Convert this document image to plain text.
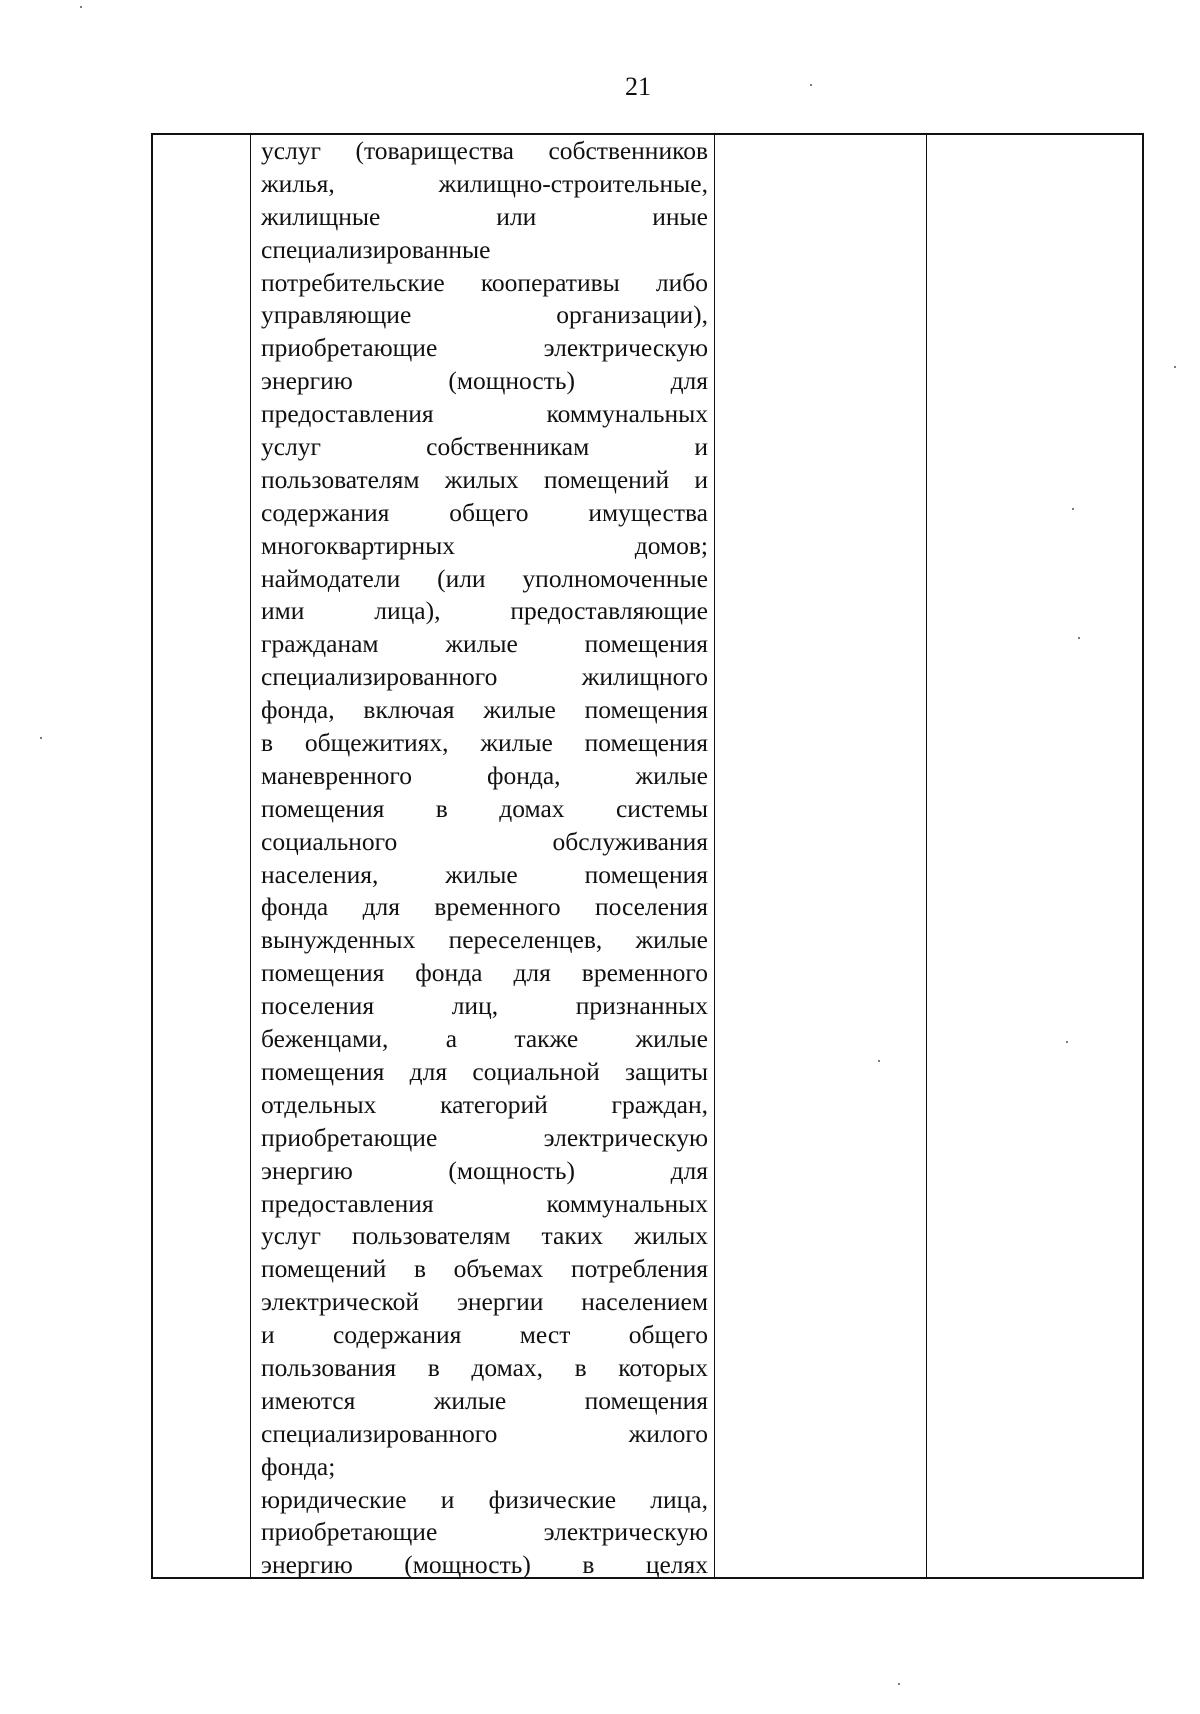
21
услуг (товарищества собственников
жилья, жилищно-строительные,
жилищные или иные
специализированные
потребительские кооперативы либо
управляющие организации),
приобретающие электрическую
энергию (мощность) для
предоставления коммунальных
услуг собственникам и
пользователям жилых помещений и
содержания общего имущества
многоквартирных домов;
наймодатели (или уполномоченные
ими лица), предоставляющие
гражданам жилые помещения
специализированного жилищного
фонда, включая жилые помещения
в общежитиях, жилые помещения
маневренного фонда, жилые
помещения в домах системы
социального обслуживания
населения, жилые помещения
фонда для временного поселения
вынужденных переселенцев, жилые
помещения фонда для временного
поселения лиц, признанных
беженцами, а также жилые
помещения для социальной защиты
отдельных категорий граждан,
приобретающие электрическую
энергию (мощность) для
предоставления коммунальных
услуг пользователям таких жилых
помещений в объемах потребления
электрической энергии населением
и содержания мест общего
пользования в домах, в которых
имеются жилые помещения
специализированного жилого
фонда;
юридические и физические лица,
приобретающие электрическую
энергию (мощность) в целях
